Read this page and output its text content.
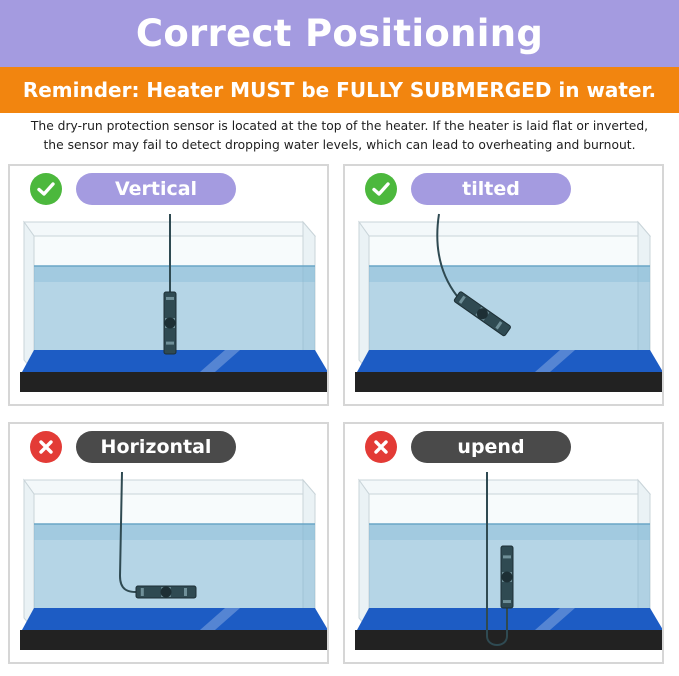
Correct Positioning
Reminder: Heater MUST be FULLY SUBMERGED in water.
The dry-run protection sensor is located at the top of the heater. If the heater is laid flat or inverted,
the sensor may fail to detect dropping water levels, which can lead to overheating and burnout.
Vertical	tilted
Horizontal	upend
